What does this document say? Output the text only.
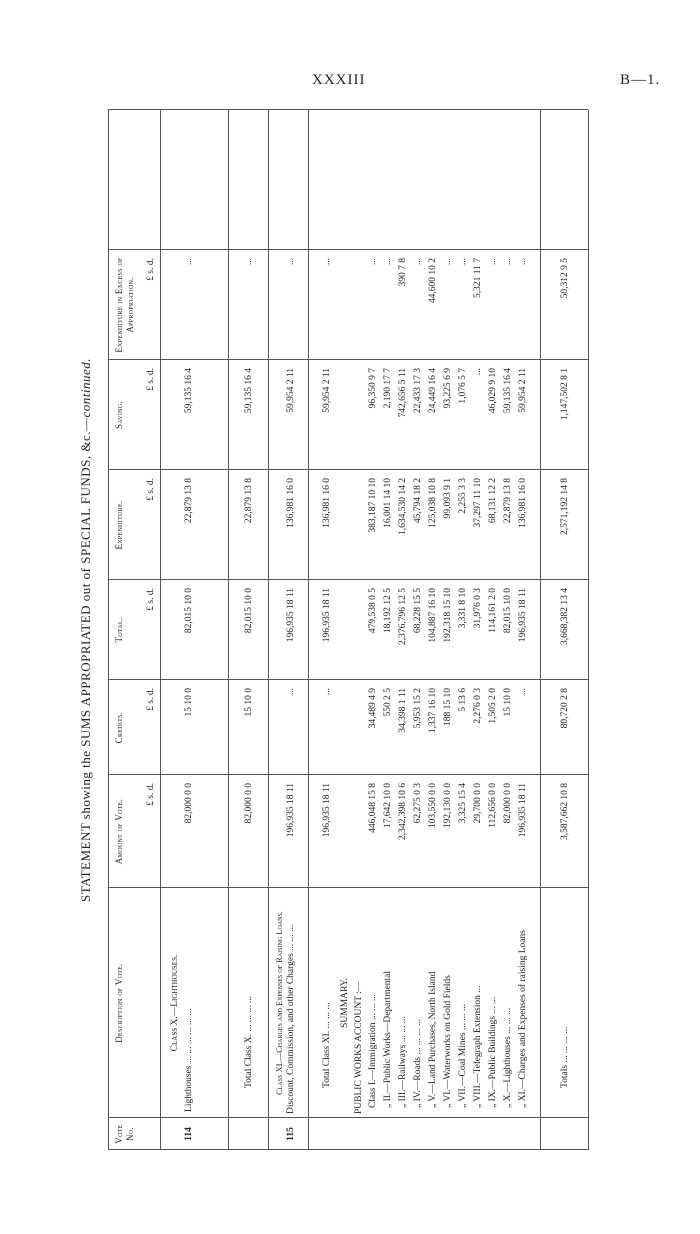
XXXIII	B—1.
STATEMENT showing the SUMS APPROPRIATED out of SPECIAL FUNDS, &c.—continued.
Vote No.
Description of Vote.
Amount of Vote.
£ s. d.
Credits.
£ s. d.
Total.
£ s. d.
Expenditure.
£ s. d.
Saving.
£ s. d.
Expenditure in Excess of Appropriation.
£ s. d.
Class X.—Lighthouses.
114
Lighthouses ... ... ... ... ... ...
82,000 0 0
15 10 0
82,015 10 0
22,879 13 8
59,135 16 4
...
Total Class X. ... ... ... ...
82,000 0 0
15 10 0
82,015 10 0
22,879 13 8
59,135 16 4
...
Class XI.—Charges and Expenses of Raising Loans.
115
Discount, Commission, and other Charges ... ... ...
196,935 18 11
...
196,935 18 11
136,981 16 0
59,954 2 11
...
Total Class XI. ... ... ...
196,935 18 11
...
196,935 18 11
136,981 16 0
59,954 2 11
...
SUMMARY. PUBLIC WORKS ACCOUNT :— Class I.—Immigration ... ... ...
446,048 15 8
34,489 4 9
479,538 0 5
383,187 10 10
96,350 9 7
...
„ II.—Public Works—Departmental
17,642 10 0
550 2 5
18,192 12 5
16,001 14 10
2,190 17 7
...
„ III.—Railways ... ... ...
2,342,398 10 6
34,398 1 11
2,376,796 12 5
1,634,530 14 2
742,656 5 11
390 7 8
„ IV.—Roads ... ... ... ...
62,275 0 3
5,953 15 2
68,228 15 5
45,794 18 2
22,433 17 3
...
„ V.—Land Purchases, North Island
103,550 0 0
1,337 16 10
104,887 16 10
125,038 10 8
24,449 16 4
44,600 10 2
„ VI.—Waterworks on Gold Fields
192,130 0 0
188 15 10
192,318 15 10
99,093 9 1
93,225 6 9
...
„ VII.—Coal Mines ... ... ...
3,325 15 4
5 13 6
3,331 8 10
2,255 3 3
1,076 5 7
...
„ VIII.—Telegraph Extension ...
29,700 0 0
2,276 0 3
31,976 0 3
37,297 11 10
...
5,321 11 7
„ IX.—Public Buildings ... ...
112,656 0 0
1,505 2 0
114,161 2 0
68,131 12 2
46,029 9 10
...
„ X.—Lighthouses ... ... ...
82,000 0 0
15 10 0
82,015 10 0
22,879 13 8
59,135 16 4
...
„ XI.—Charges and Expenses of raising Loans
196,935 18 11
...
196,935 18 11
136,981 16 0
59,954 2 11
...
Totals ... ... ... ...
3,587,662 10 8
80,720 2 8
3,668,382 13 4
2,571,192 14 8
1,147,502 8 1
50,312 9 5
